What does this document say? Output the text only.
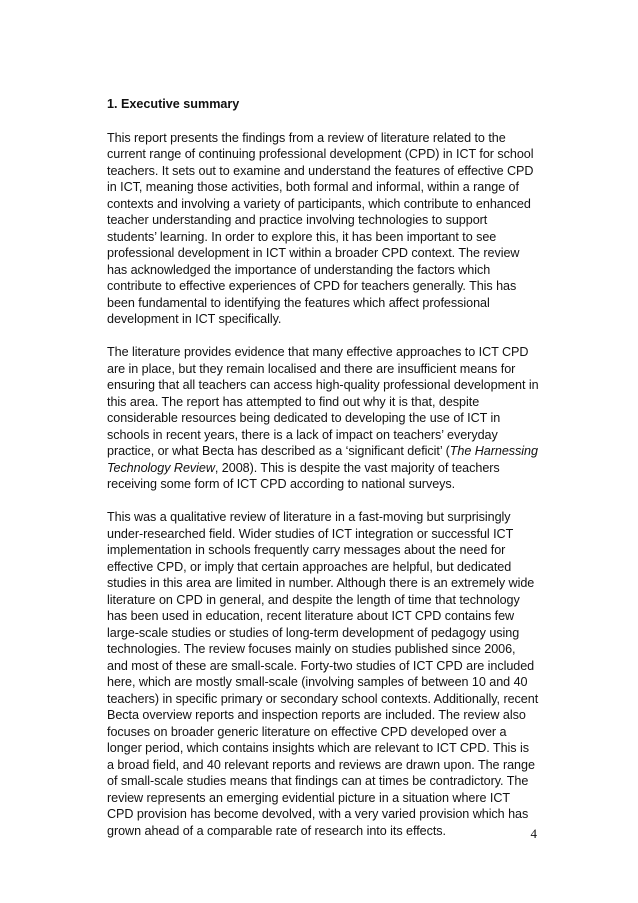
1. Executive summary

This report presents the findings from a review of literature related to the current range of continuing professional development (CPD) in ICT for school teachers. It sets out to examine and understand the features of effective CPD in ICT, meaning those activities, both formal and informal, within a range of contexts and involving a variety of participants, which contribute to enhanced teacher understanding and practice involving technologies to support students’ learning. In order to explore this, it has been important to see professional development in ICT within a broader CPD context. The review has acknowledged the importance of understanding the factors which contribute to effective experiences of CPD for teachers generally. This has been fundamental to identifying the features which affect professional development in ICT specifically.

The literature provides evidence that many effective approaches to ICT CPD are in place, but they remain localised and there are insufficient means for ensuring that all teachers can access high-quality professional development in this area. The report has attempted to find out why it is that, despite considerable resources being dedicated to developing the use of ICT in schools in recent years, there is a lack of impact on teachers’ everyday practice, or what Becta has described as a ‘significant deficit’ (The Harnessing Technology Review, 2008). This is despite the vast majority of teachers receiving some form of ICT CPD according to national surveys.

This was a qualitative review of literature in a fast-moving but surprisingly under-researched field. Wider studies of ICT integration or successful ICT implementation in schools frequently carry messages about the need for effective CPD, or imply that certain approaches are helpful, but dedicated studies in this area are limited in number. Although there is an extremely wide literature on CPD in general, and despite the length of time that technology has been used in education, recent literature about ICT CPD contains few large-scale studies or studies of long-term development of pedagogy using technologies. The review focuses mainly on studies published since 2006, and most of these are small-scale. Forty-two studies of ICT CPD are included here, which are mostly small-scale (involving samples of between 10 and 40 teachers) in specific primary or secondary school contexts. Additionally, recent Becta overview reports and inspection reports are included. The review also focuses on broader generic literature on effective CPD developed over a longer period, which contains insights which are relevant to ICT CPD. This is a broad field, and 40 relevant reports and reviews are drawn upon. The range of small-scale studies means that findings can at times be contradictory. The review represents an emerging evidential picture in a situation where ICT CPD provision has become devolved, with a very varied provision which has grown ahead of a comparable rate of research into its effects.	4
